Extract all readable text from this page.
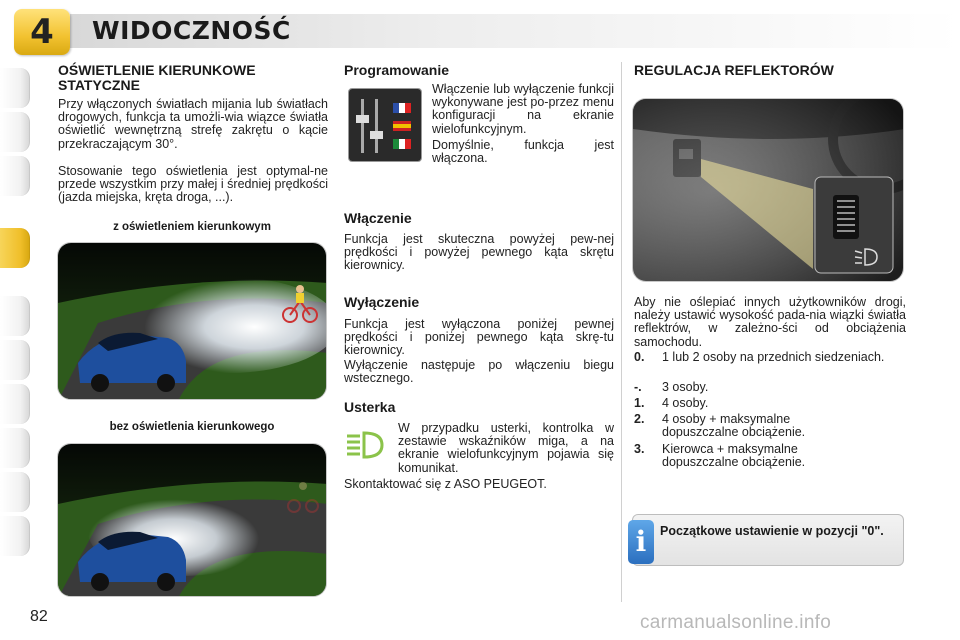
4	WIDOCZNOŚĆ
OŚWIETLENIE KIERUNKOWE STATYCZNE
Przy włączonych światłach mijania lub światłach drogowych, funkcja ta umożli-wia wiązce światła oświetlić wewnętrzną strefę zakrętu o kącie przekraczającym 30°.
Stosowanie tego oświetlenia jest optymal-ne przede wszystkim przy małej i średniej prędkości (jazda miejska, kręta droga, ...).
z oświetleniem kierunkowym
bez oświetlenia kierunkowego
Programowanie
Włączenie lub wyłączenie funkcji wykonywane jest po-przez menu konfiguracji na ekranie wielofunkcyjnym.
Domyślnie, funkcja jest włączona.
Włączenie
Funkcja jest skuteczna powyżej pew-nej prędkości i powyżej pewnego kąta skrętu kierownicy.
Wyłączenie
Funkcja jest wyłączona poniżej pewnej prędkości i poniżej pewnego kąta skrę-tu kierownicy.
Wyłączenie następuje po włączeniu biegu wstecznego.
Usterka
W przypadku usterki, kontrolka w zestawie wskaźników miga, a na ekranie wielofunkcyjnym pojawia się komunikat.
Skontaktować się z ASO PEUGEOT.
REGULACJA REFLEKTORÓW
Aby nie oślepiać innych użytkowników drogi, należy ustawić wysokość pada-nia wiązki światła reflektrów, w zależno-ści od obciążenia samochodu.
0.	1 lub 2 osoby na przednich siedzeniach.
-.	3 osoby.
1.	4 osoby.
2.	4 osoby + maksymalne dopuszczalne obciążenie.
3.	Kierowca + maksymalne dopuszczalne obciążenie.
i	Początkowe ustawienie w pozycji "0".
82	carmanualsonline.info
